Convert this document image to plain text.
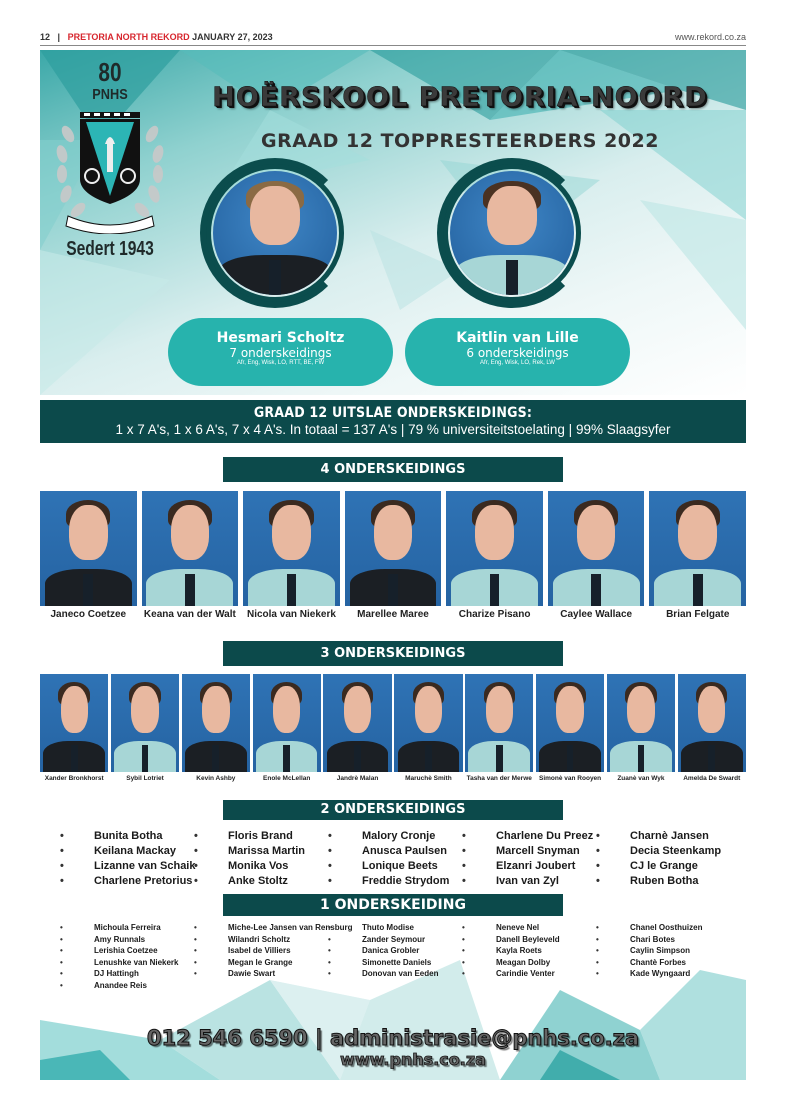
12 | PRETORIA NORTH REKORD JANUARY 27, 2023	www.rekord.co.za
80
PNHS
Sedert 1943
HOËRSKOOL PRETORIA-NOORD
GRAAD 12 TOPPRESTEERDERS 2022
Hesmari Scholtz
7 onderskeidings
Afr, Eng, Wisk, LO, RTT, BE, FW
Kaitlin van Lille
6 onderskeidings
Afr, Eng, Wisk, LO, Rek, LW
GRAAD 12 UITSLAE ONDERSKEIDINGS:
1 x 7 A's, 1 x 6 A's, 7 x 4 A's. In totaal = 137 A's | 79 % universiteitstoelating | 99% Slaagsyfer
4 ONDERSKEIDINGS
Janeco Coetzee	Keana van der Walt	Nicola van Niekerk	Marellee Maree	Charize Pisano	Caylee Wallace	Brian Felgate
3 ONDERSKEIDINGS
Xander Bronkhorst	Sybil Lotriet	Kevin Ashby	Enole McLellan	Jandrè Malan	Maruchè Smith	Tasha van der Merwe	Simonè van Rooyen	Zuanè van Wyk	Amelda De Swardt
2 ONDERSKEIDINGS
• Bunita Botha
• Keilana Mackay
• Lizanne van Schaik
• Charlene Pretorius
• Floris Brand
• Marissa Martin
• Monika Vos
• Anke Stoltz
• Malory Cronje
• Anusca Paulsen
• Lonique Beets
• Freddie Strydom
• Charlene Du Preez
• Marcell Snyman
• Elzanri Joubert
• Ivan van Zyl
• Charnè Jansen
• Decia Steenkamp
• CJ le Grange
• Ruben Botha
1 ONDERSKEIDING
• Michoula Ferreira
• Amy Runnals
• Lerishia Coetzee
• Lenushke van Niekerk
• DJ Hattingh
• Anandee Reis
• Miche-Lee Jansen van Rensburg
• Wilandri Scholtz
• Isabel de Villiers
• Megan le Grange
• Dawie Swart
• Thuto Modise
• Zander Seymour
• Danica Grobler
• Simonette Daniels
• Donovan van Eeden
• Neneve Nel
• Danell Beyleveld
• Kayla Roets
• Meagan Dolby
• Carindie Venter
• Chanel Oosthuizen
• Chari Botes
• Caylin Simpson
• Chantè Forbes
• Kade Wyngaard
012 546 6590 | administrasie@pnhs.co.za
www.pnhs.co.za
